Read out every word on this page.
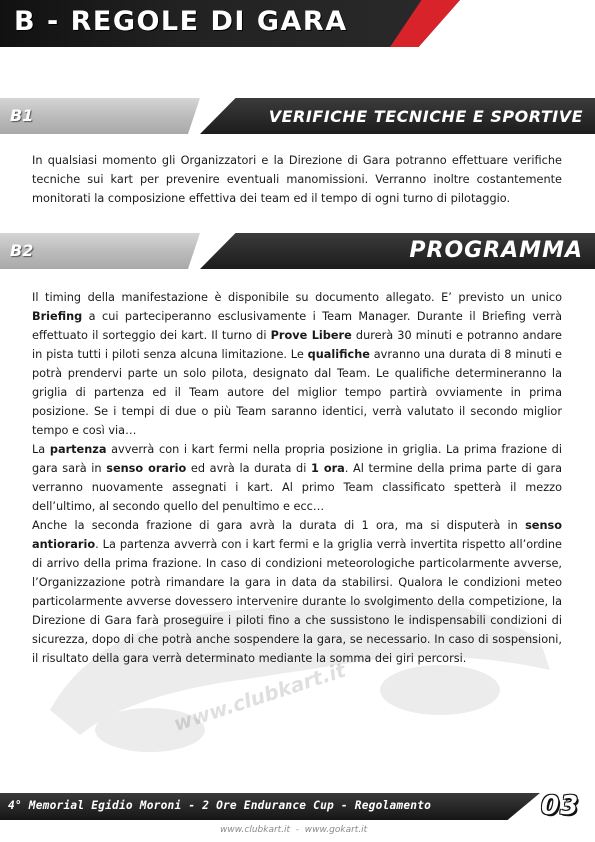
B - REGOLE DI GARA
B1	VERIFICHE TECNICHE E SPORTIVE

In qualsiasi momento gli Organizzatori e la Direzione di Gara potranno effettuare verifiche tecniche sui kart per prevenire eventuali manomissioni. Verranno inoltre costantemente monitorati la composizione effettiva dei team ed il tempo di ogni turno di pilotaggio.

B2	PROGRAMMA
www.clubkart.it

Il timing della manifestazione è disponibile su documento allegato. E’ previsto un unico Briefing a cui parteciperanno esclusivamente i Team Manager. Durante il Briefing verrà effettuato il sorteggio dei kart. Il turno di Prove Libere durerà 30 minuti e potranno andare in pista tutti i piloti senza alcuna limitazione. Le qualifiche avranno una durata di 8 minuti e potrà prendervi parte un solo pilota, designato dal Team. Le qualifiche determineranno la griglia di partenza ed il Team autore del miglior tempo partirà ovviamente in prima posizione. Se i tempi di due o più Team saranno identici, verrà valutato il secondo miglior tempo e così via…

La partenza avverrà con i kart fermi nella propria posizione in griglia. La prima frazione di gara sarà in senso orario ed avrà la durata di 1 ora. Al termine della prima parte di gara verranno nuovamente assegnati i kart. Al primo Team classificato spetterà il mezzo dell’ultimo, al secondo quello del penultimo e ecc…

Anche la seconda frazione di gara avrà la durata di 1 ora, ma si disputerà in senso antiorario. La partenza avverrà con i kart fermi e la griglia verrà invertita rispetto all’ordine di arrivo della prima frazione. In caso di condizioni meteorologiche particolarmente avverse, l’Organizzazione potrà rimandare la gara in data da stabilirsi. Qualora le condizioni meteo particolarmente avverse dovessero intervenire durante lo svolgimento della competizione, la Direzione di Gara farà proseguire i piloti fino a che sussistono le indispensabili condizioni di sicurezza, dopo di che potrà anche sospendere la gara, se necessario. In caso di sospensioni, il risultato della gara verrà determinato mediante la somma dei giri percorsi.

4° Memorial Egidio Moroni - 2 Ore Endurance Cup - Regolamento	03
www.clubkart.it  -  www.gokart.it
